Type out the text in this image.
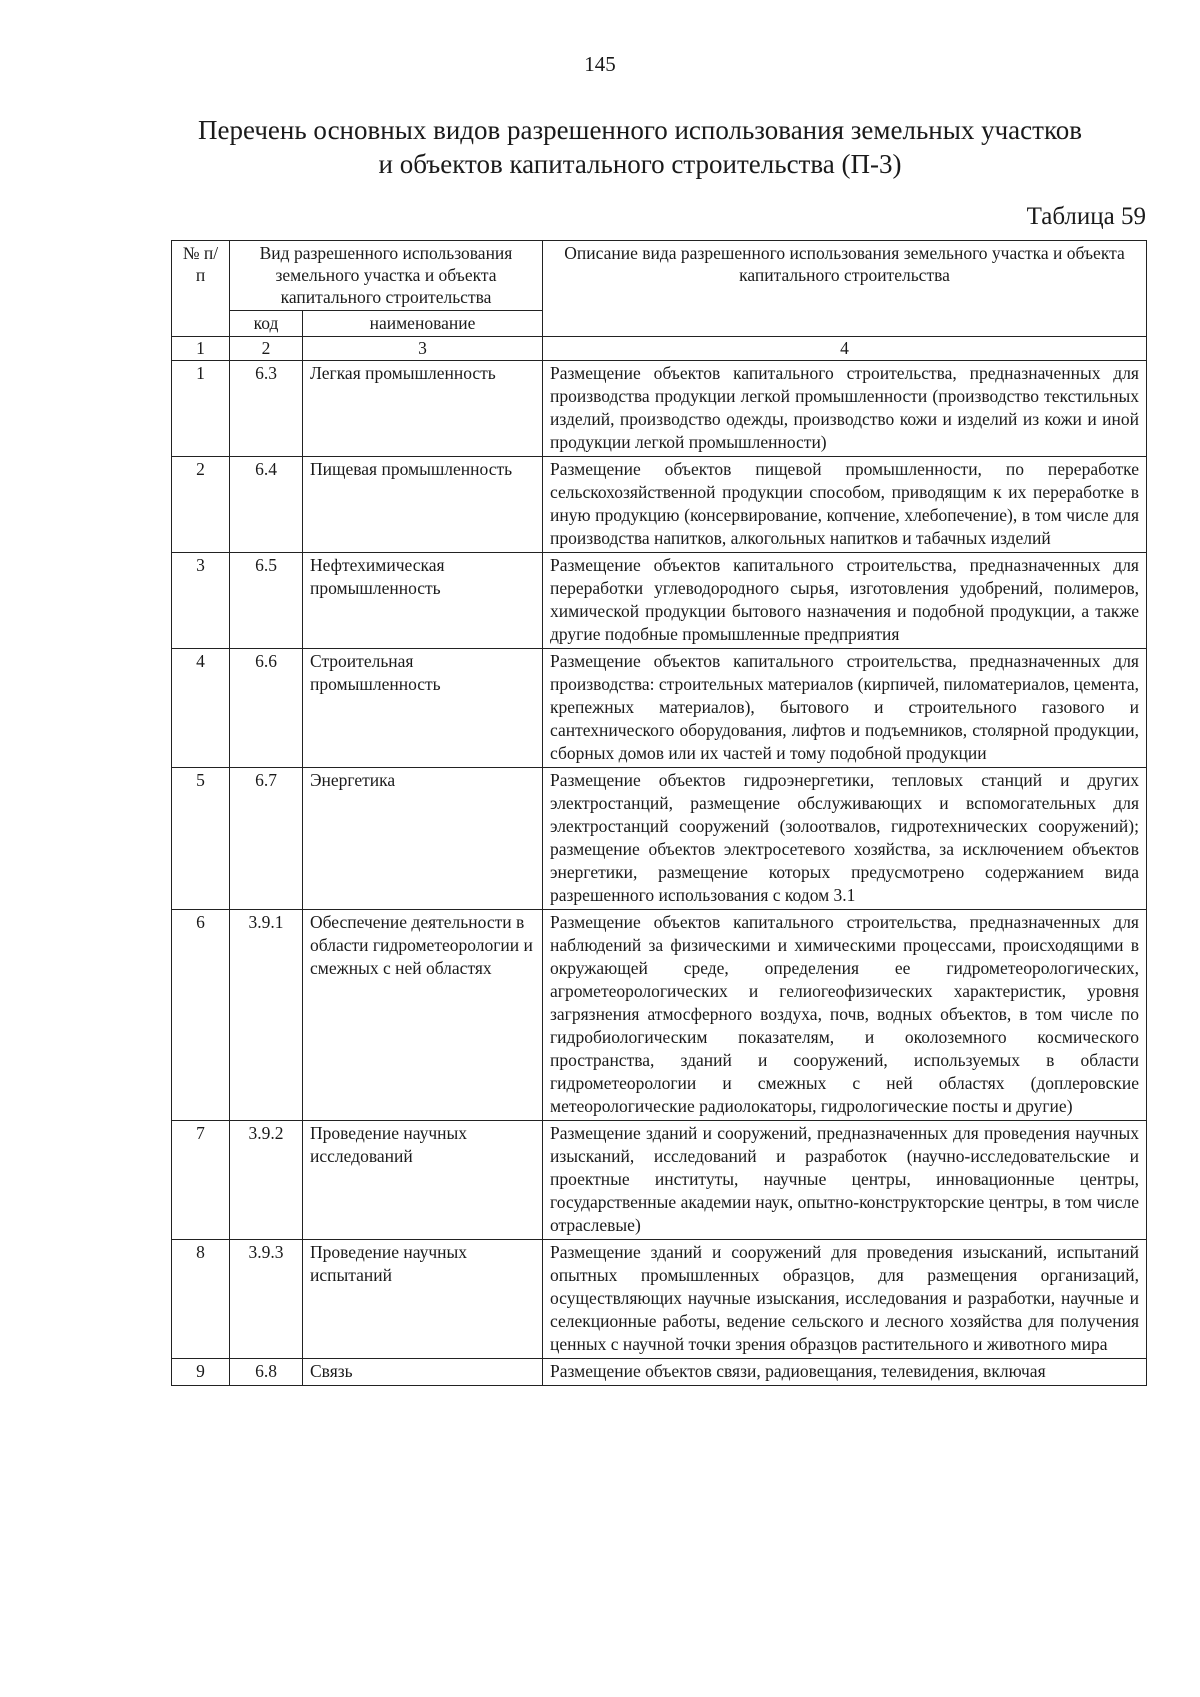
145
Перечень основных видов разрешенного использования земельных участков
и объектов капитального строительства (П-3)
Таблица 59
№ п/п	Вид разрешенного использования земельного участка и объекта капитального строительства		Описание вида разрешенного использования земельного участка и объекта капитального строительства
	код	наименование	
1	2	3	4
1	6.3	Легкая промышленность	Размещение объектов капитального строительства, предназначенных для производства продукции легкой промышленности (производство текстильных изделий, производство одежды, производство кожи и изделий из кожи и иной продукции легкой промышленности)
2	6.4	Пищевая промышленность	Размещение объектов пищевой промышленности, по переработке сельскохозяйственной продукции способом, приводящим к их переработке в иную продукцию (консервирование, копчение, хлебопечение), в том числе для производства напитков, алкогольных напитков и табачных изделий
3	6.5	Нефтехимическая промышленность	Размещение объектов капитального строительства, предназначенных для переработки углеводородного сырья, изготовления удобрений, полимеров, химической продукции бытового назначения и подобной продукции, а также другие подобные промышленные предприятия
4	6.6	Строительная промышленность	Размещение объектов капитального строительства, предназначенных для производства: строительных материалов (кирпичей, пиломатериалов, цемента, крепежных материалов), бытового и строительного газового и сантехнического оборудования, лифтов и подъемников, столярной продукции, сборных домов или их частей и тому подобной продукции
5	6.7	Энергетика	Размещение объектов гидроэнергетики, тепловых станций и других электростанций, размещение обслуживающих и вспомогательных для электростанций сооружений (золоотвалов, гидротехнических сооружений); размещение объектов электросетевого хозяйства, за исключением объектов энергетики, размещение которых предусмотрено содержанием вида разрешенного использования с кодом 3.1
6	3.9.1	Обеспечение деятельности в области гидрометеорологии и смежных с ней областях	Размещение объектов капитального строительства, предназначенных для наблюдений за физическими и химическими процессами, происходящими в окружающей среде, определения ее гидрометеорологических, агрометеорологических и гелиогеофизических характеристик, уровня загрязнения атмосферного воздуха, почв, водных объектов, в том числе по гидробиологическим показателям, и околоземного космического пространства, зданий и сооружений, используемых в области гидрометеорологии и смежных с ней областях (доплеровские метеорологические радиолокаторы, гидрологические посты и другие)
7	3.9.2	Проведение научных исследований	Размещение зданий и сооружений, предназначенных для проведения научных изысканий, исследований и разработок (научно-исследовательские и проектные институты, научные центры, инновационные центры, государственные академии наук, опытно-конструкторские центры, в том числе отраслевые)
8	3.9.3	Проведение научных испытаний	Размещение зданий и сооружений для проведения изысканий, испытаний опытных промышленных образцов, для размещения организаций, осуществляющих научные изыскания, исследования и разработки, научные и селекционные работы, ведение сельского и лесного хозяйства для получения ценных с научной точки зрения образцов растительного и животного мира
9	6.8	Связь	Размещение объектов связи, радиовещания, телевидения, включая
